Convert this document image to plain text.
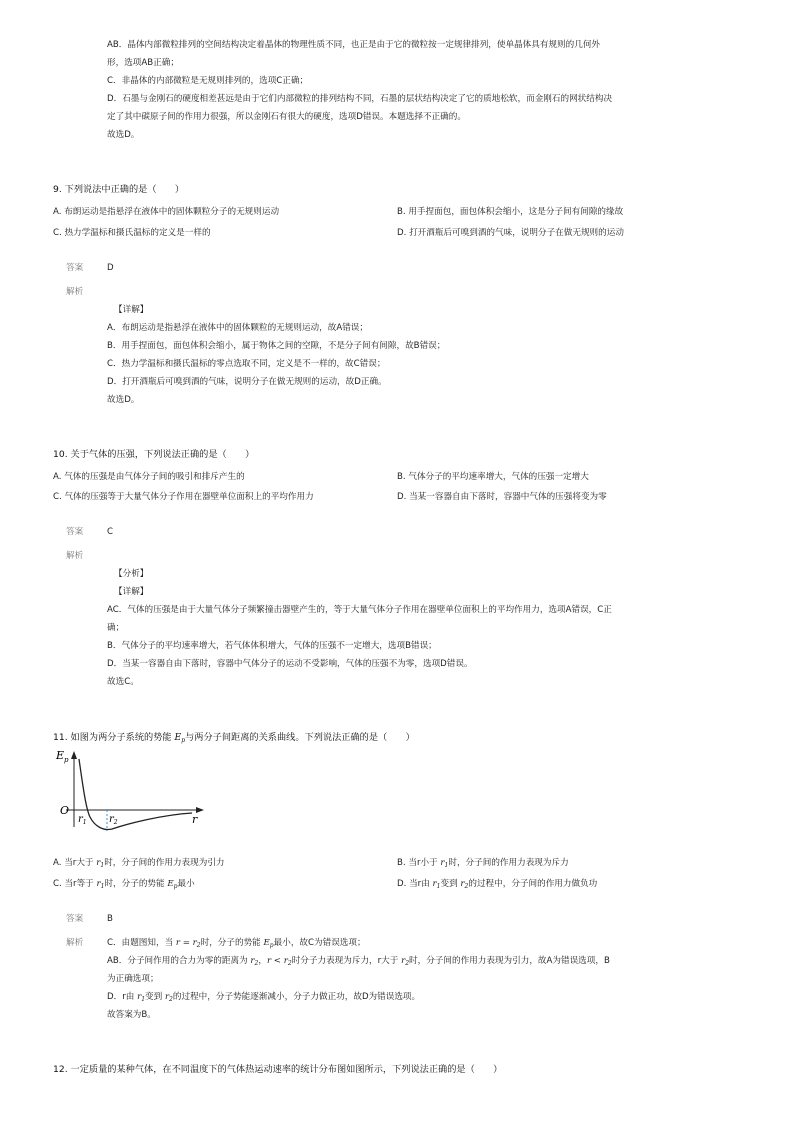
AB．晶体内部微粒排列的空间结构决定着晶体的物理性质不同，也正是由于它的微粒按一定规律排列，使单晶体具有规则的几何外
形，选项AB正确；
C．非晶体的内部微粒是无规则排列的，选项C正确；
D．石墨与金刚石的硬度相差甚远是由于它们内部微粒的排列结构不同，石墨的层状结构决定了它的质地松软，而金刚石的网状结构决
定了其中碳原子间的作用力很强，所以金刚石有很大的硬度，选项D错误。本题选择不正确的。
故选D。
9. 下列说法中正确的是（　　）
A. 布朗运动是指悬浮在液体中的固体颗粒分子的无规则运动	B. 用手捏面包，面包体积会缩小，这是分子间有间隙的缘故
C. 热力学温标和摄氏温标的定义是一样的	D. 打开酒瓶后可嗅到酒的气味，说明分子在做无规则的运动
答案	D
解析
【详解】
A．布朗运动是指悬浮在液体中的固体颗粒的无规则运动，故A错误；
B．用手捏面包，面包体积会缩小，属于物体之间的空隙，不是分子间有间隙，故B错误；
C．热力学温标和摄氏温标的零点选取不同，定义是不一样的，故C错误；
D．打开酒瓶后可嗅到酒的气味，说明分子在做无规则的运动，故D正确。
故选D。
10. 关于气体的压强，下列说法正确的是（　　）
A. 气体的压强是由气体分子间的吸引和排斥产生的	B. 气体分子的平均速率增大，气体的压强一定增大
C. 气体的压强等于大量气体分子作用在器壁单位面积上的平均作用力	D. 当某一容器自由下落时，容器中气体的压强将变为零
答案	C
解析
【分析】
【详解】
AC．气体的压强是由于大量气体分子频繁撞击器壁产生的，等于大量气体分子作用在器壁单位面积上的平均作用力，选项A错误，C正
确；
B．气体分子的平均速率增大，若气体体积增大，气体的压强不一定增大，选项B错误；
D．当某一容器自由下落时，容器中气体分子的运动不受影响，气体的压强不为零，选项D错误。
故选C。
11. 如图为两分子系统的势能 $E_p$与两分子间距离的关系曲线。下列说法正确的是（　　）
$E_p$
O
r
$r_1$ $r_2$
A. 当r大于 $r_1$时，分子间的作用力表现为引力	B. 当r小于 $r_1$时，分子间的作用力表现为斥力
C. 当r等于 $r_1$时，分子的势能 $E_p$最小	D. 当r由 $r_1$变到 $r_2$的过程中，分子间的作用力做负功
答案	B
解析	C．由题图知，当 $r = r_2$时，分子的势能 $E_p$最小，故C为错误选项；
AB．分子间作用的合力为零的距离为 $r_2$，$r < r_2$时分子力表现为斥力，r大于 $r_2$时，分子间的作用力表现为引力，故A为错误选项，B
为正确选项；
D．r由 $r_1$变到 $r_2$的过程中，分子势能逐渐减小，分子力做正功，故D为错误选项。
故答案为B。
12. 一定质量的某种气体，在不同温度下的气体热运动速率的统计分布图如图所示，下列说法正确的是（　　）
